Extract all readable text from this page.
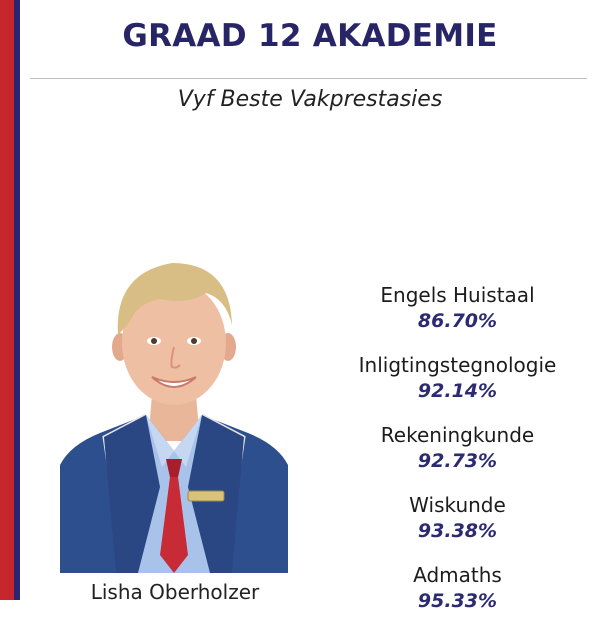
GRAAD 12 AKADEMIE
Vyf Beste Vakprestasies
Lisha Oberholzer
Engels Huistaal
86.70%
Inligtingstegnologie
92.14%
Rekeningkunde
92.73%
Wiskunde
93.38%
Admaths
95.33%
